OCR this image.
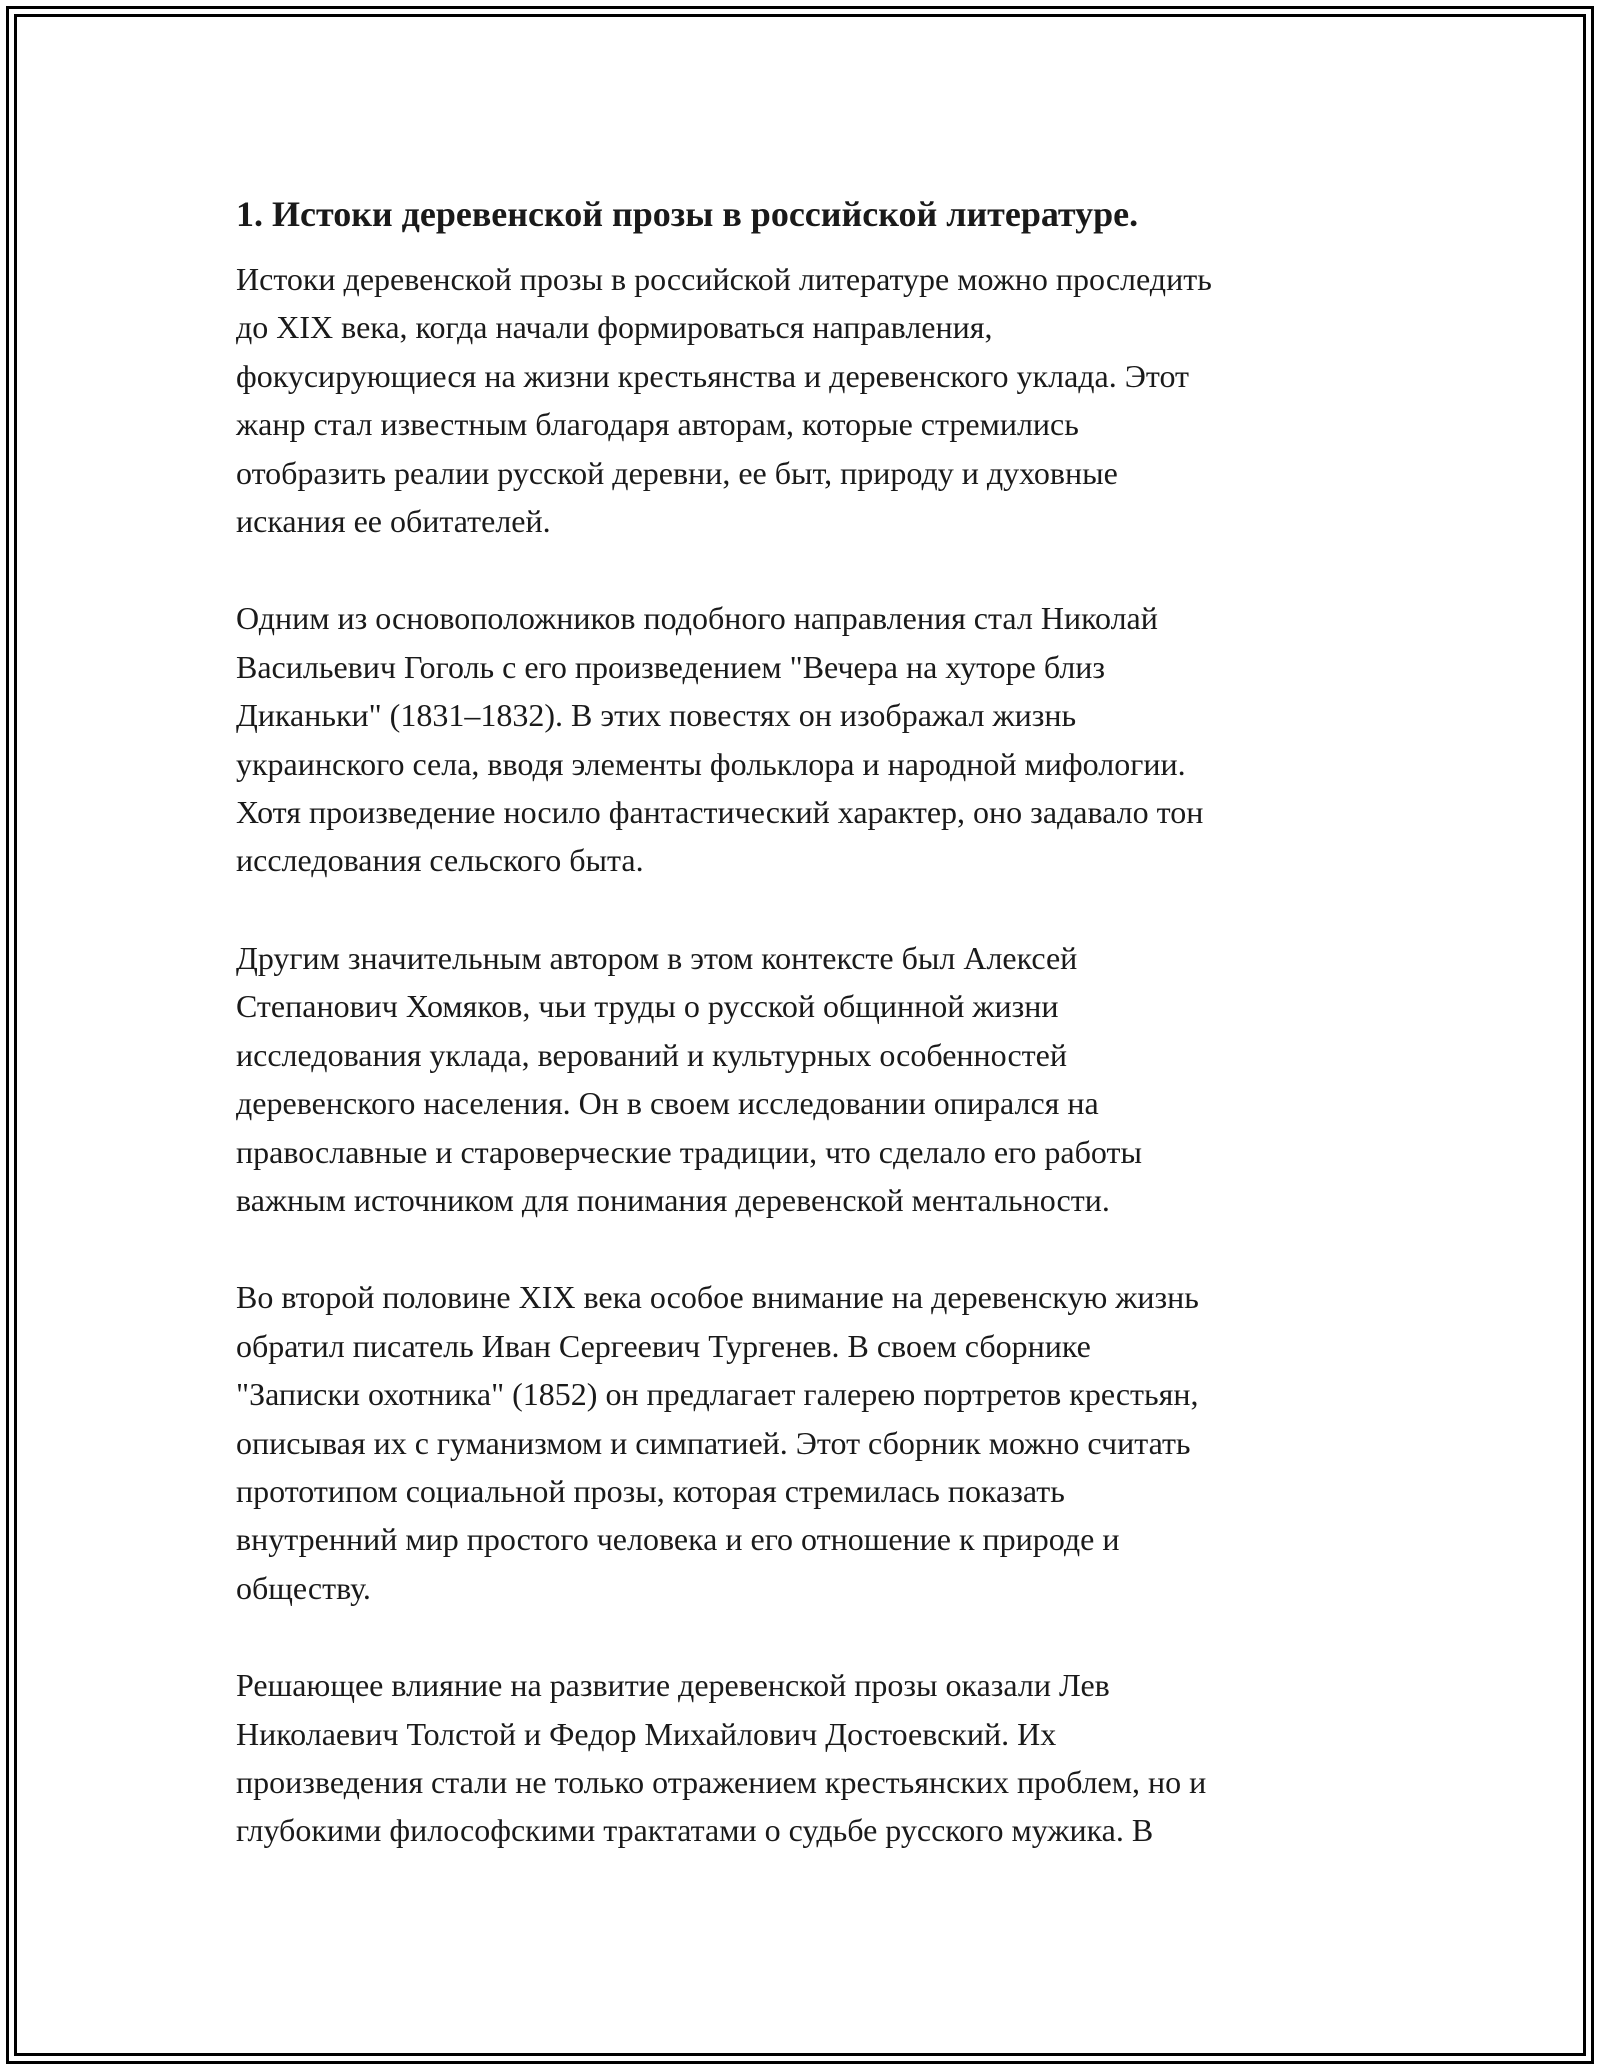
1. Истоки деревенской прозы в российской литературе.

Истоки деревенской прозы в российской литературе можно проследить
до XIX века, когда начали формироваться направления,
фокусирующиеся на жизни крестьянства и деревенского уклада. Этот
жанр стал известным благодаря авторам, которые стремились
отобразить реалии русской деревни, ее быт, природу и духовные
искания ее обитателей.

Одним из основоположников подобного направления стал Николай
Васильевич Гоголь с его произведением "Вечера на хуторе близ
Диканьки" (1831–1832). В этих повестях он изображал жизнь
украинского села, вводя элементы фольклора и народной мифологии.
Хотя произведение носило фантастический характер, оно задавало тон
исследования сельского быта.

Другим значительным автором в этом контексте был Алексей
Степанович Хомяков, чьи труды о русской общинной жизни
исследования уклада, верований и культурных особенностей
деревенского населения. Он в своем исследовании опирался на
православные и староверческие традиции, что сделало его работы
важным источником для понимания деревенской ментальности.

Во второй половине XIX века особое внимание на деревенскую жизнь
обратил писатель Иван Сергеевич Тургенев. В своем сборнике
"Записки охотника" (1852) он предлагает галерею портретов крестьян,
описывая их с гуманизмом и симпатией. Этот сборник можно считать
прототипом социальной прозы, которая стремилась показать
внутренний мир простого человека и его отношение к природе и
обществу.

Решающее влияние на развитие деревенской прозы оказали Лев
Николаевич Толстой и Федор Михайлович Достоевский. Их
произведения стали не только отражением крестьянских проблем, но и
глубокими философскими трактатами о судьбе русского мужика. В
